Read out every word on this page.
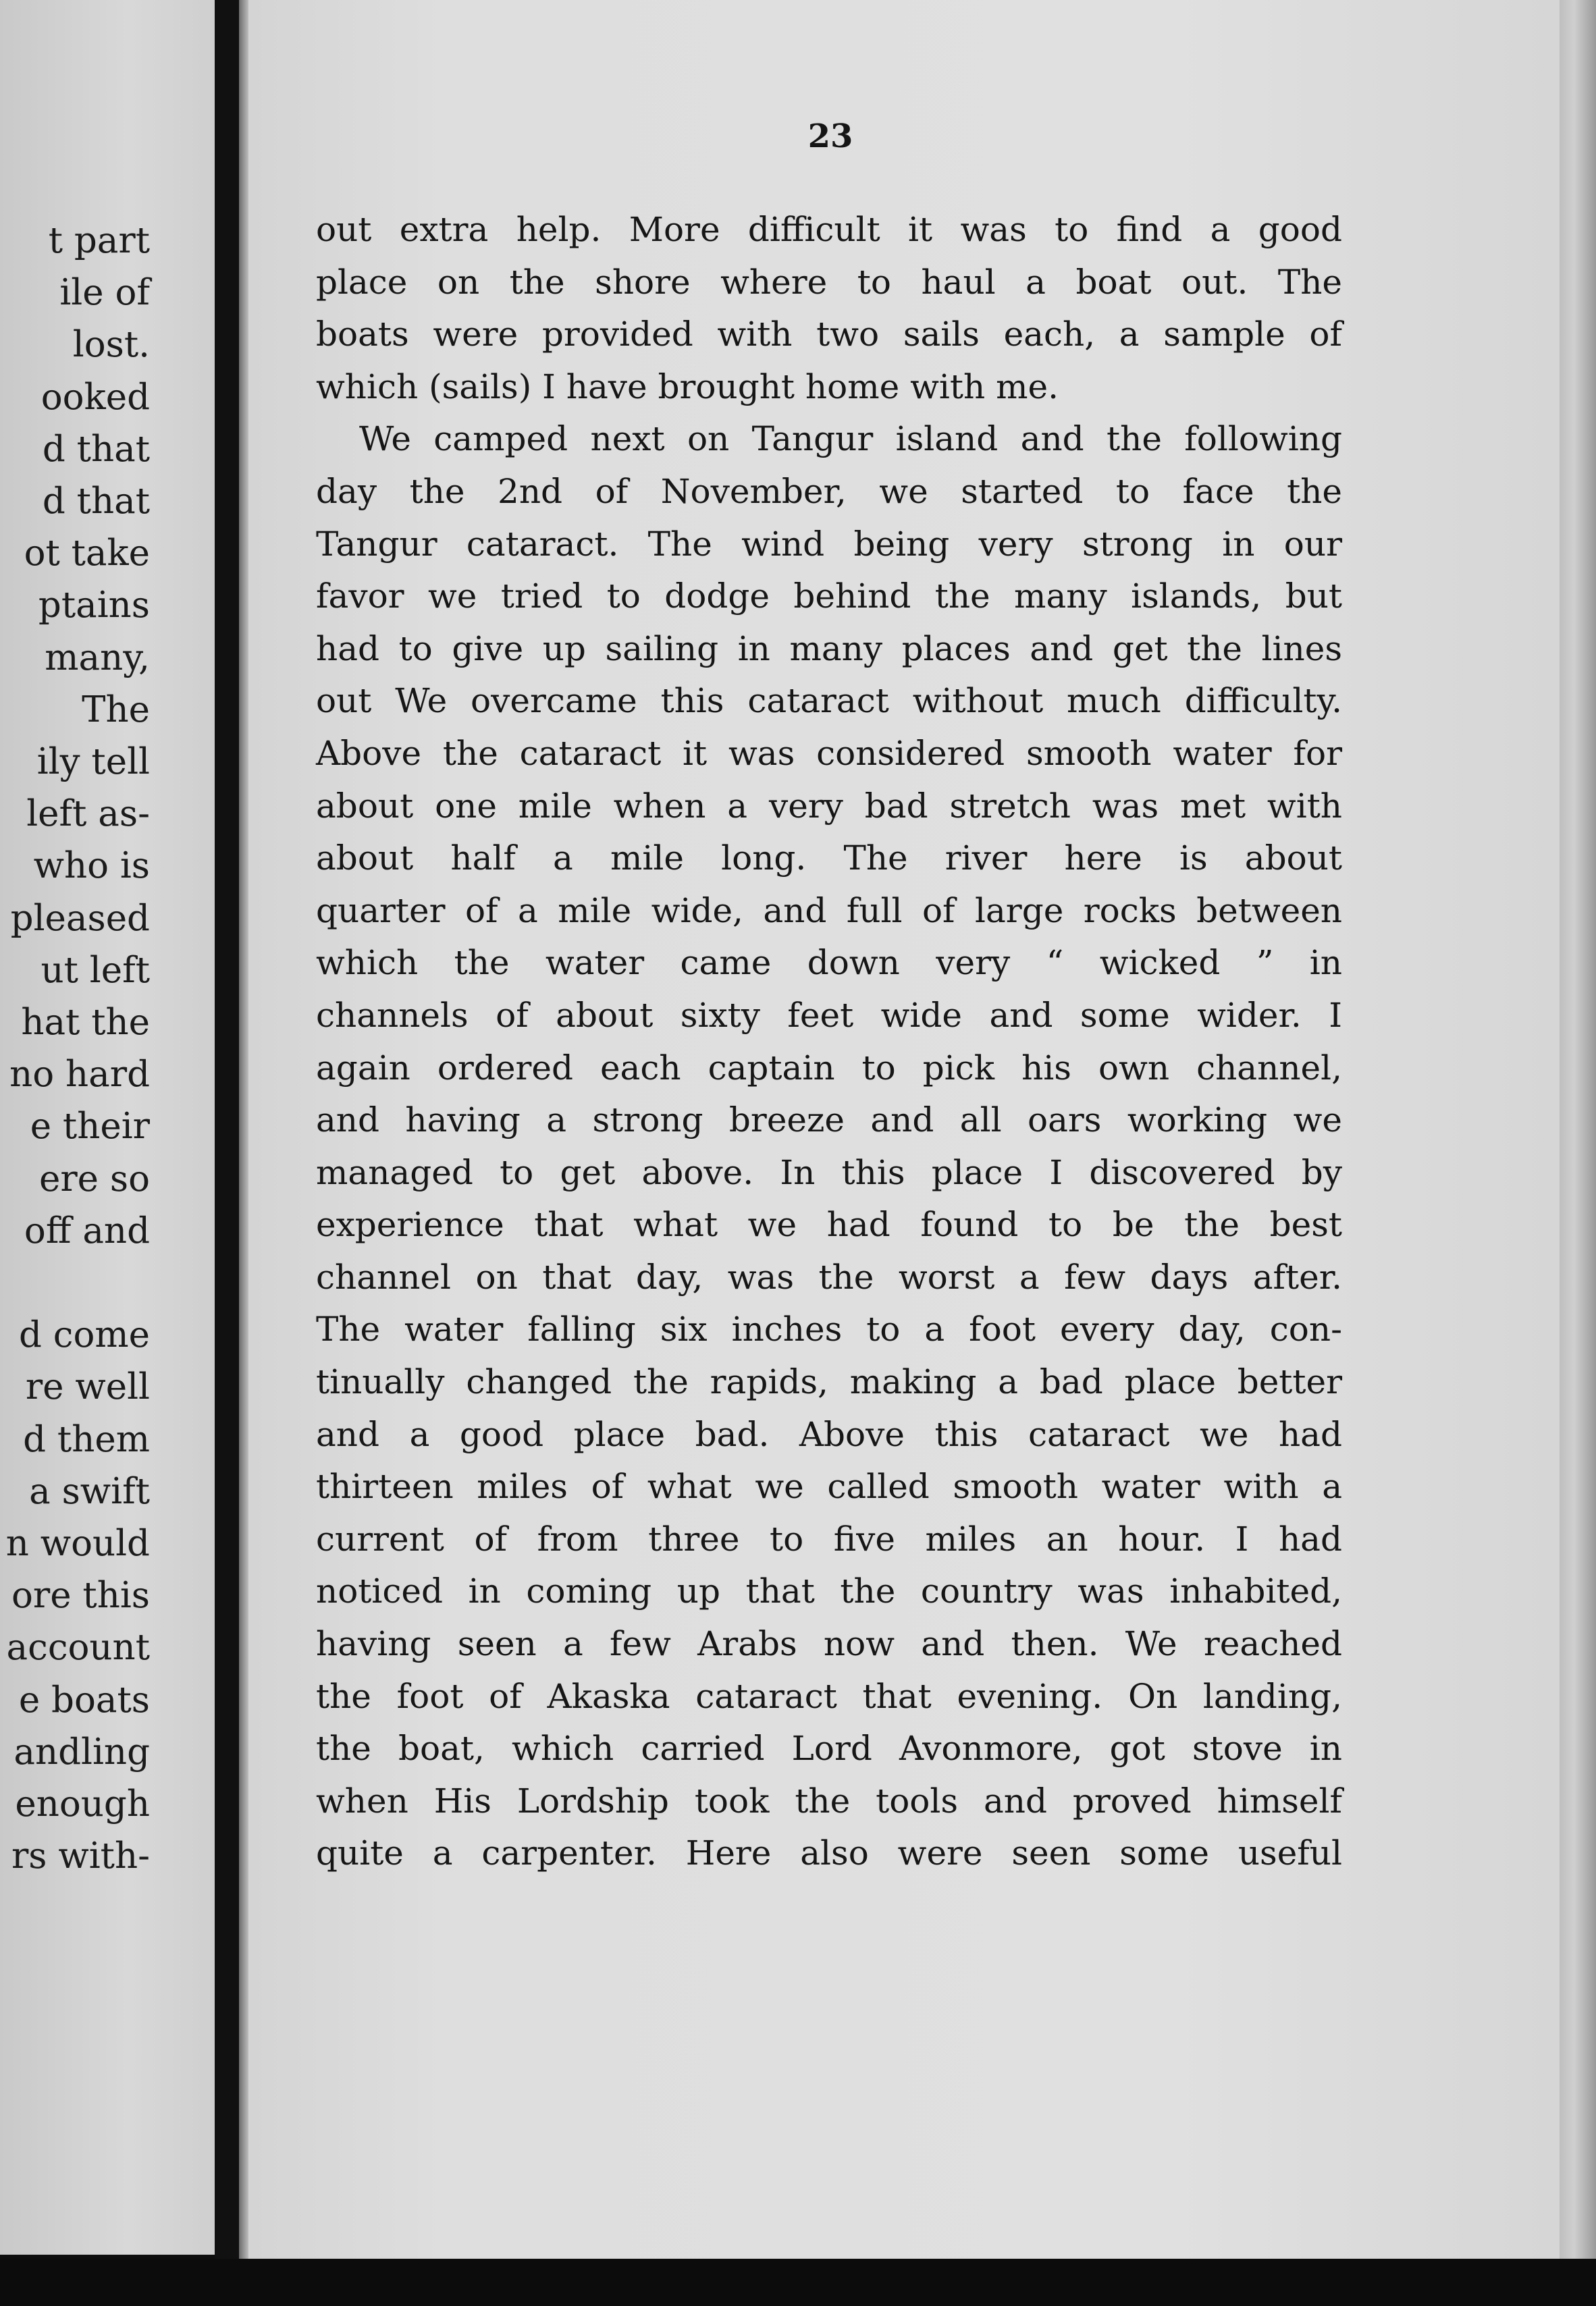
t part
ile of
lost.
ooked
d that
d that
ot take
ptains
many,
The
ily tell
left as-
who is
pleased
ut left
hat the
no hard
e their
ere so
off and
d come
re well
d them
a swift
n would
ore this
account
e boats
andling
enough
rs with-
23
out extra help. More difficult it was to find a good
place on the shore where to haul a boat out. The
boats were provided with two sails each, a sample of
which (sails) I have brought home with me.
We camped next on Tangur island and the following
day the 2nd of November, we started to face the
Tangur cataract. The wind being very strong in our
favor we tried to dodge behind the many islands, but
had to give up sailing in many places and get the lines
out We overcame this cataract without much difficulty.
Above the cataract it was considered smooth water for
about one mile when a very bad stretch was met with
about half a mile long. The river here is about
quarter of a mile wide, and full of large rocks between
which the water came down very “ wicked ” in
channels of about sixty feet wide and some wider. I
again ordered each captain to pick his own channel,
and having a strong breeze and all oars working we
managed to get above. In this place I discovered by
experience that what we had found to be the best
channel on that day, was the worst a few days after.
The water falling six inches to a foot every day, con-
tinually changed the rapids, making a bad place better
and a good place bad. Above this cataract we had
thirteen miles of what we called smooth water with a
current of from three to five miles an hour. I had
noticed in coming up that the country was inhabited,
having seen a few Arabs now and then. We reached
the foot of Akaska cataract that evening. On landing,
the boat, which carried Lord Avonmore, got stove in
when His Lordship took the tools and proved himself
quite a carpenter. Here also were seen some useful
